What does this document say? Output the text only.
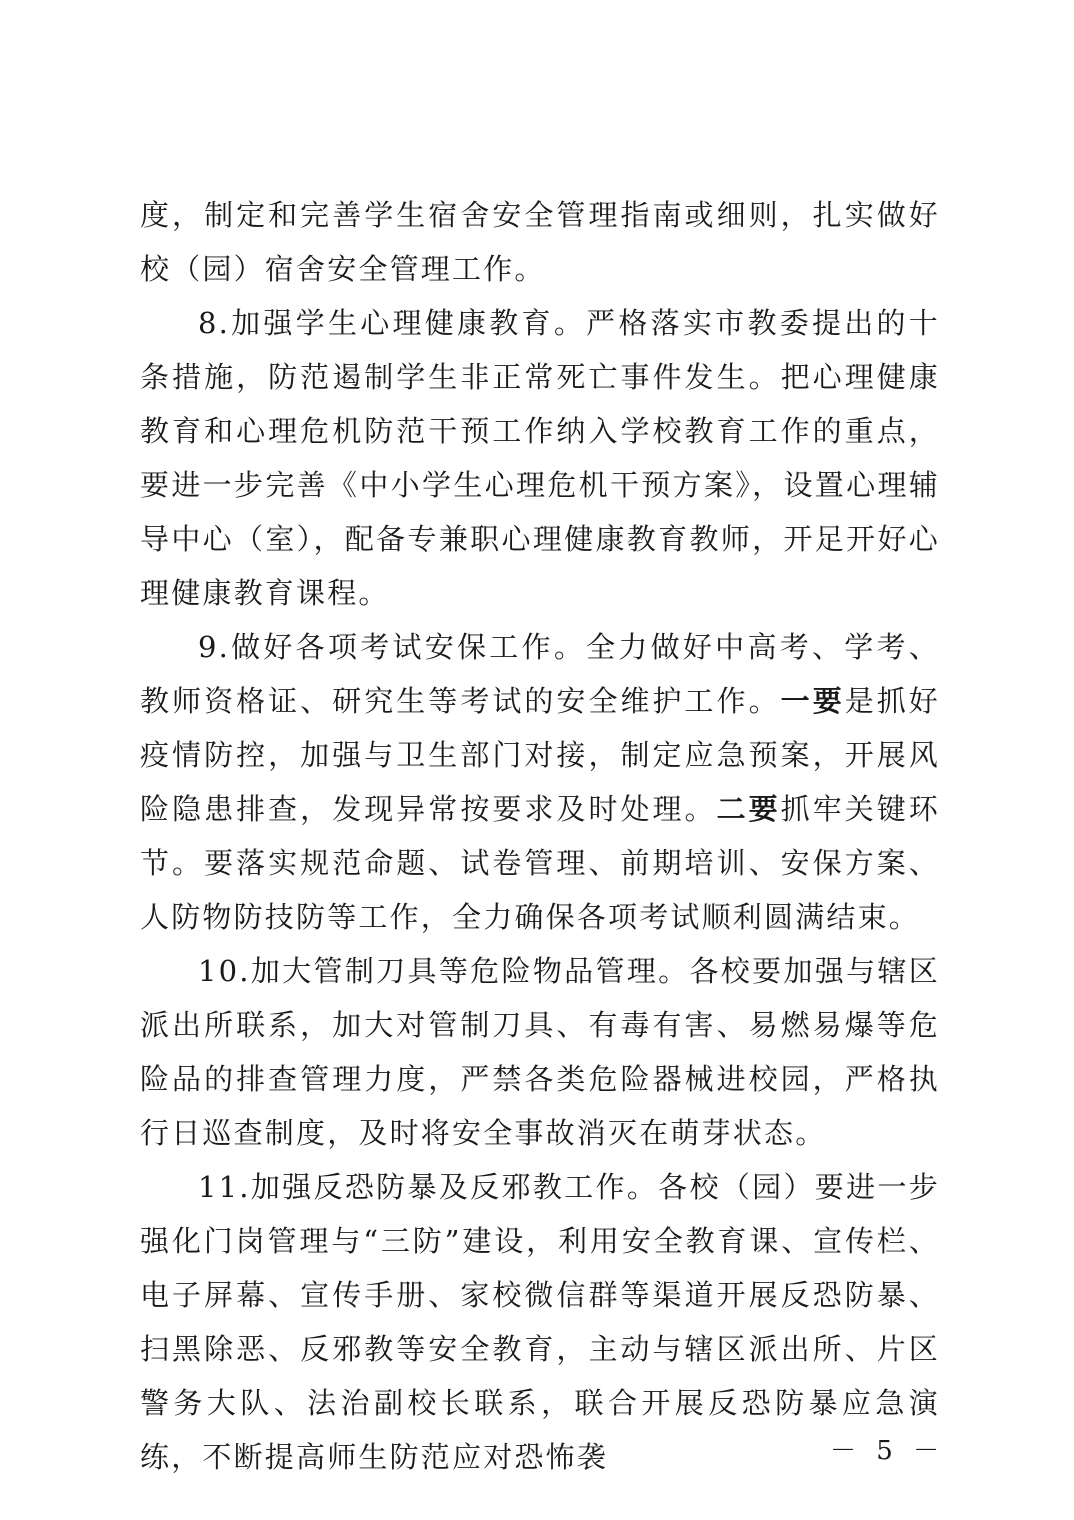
度，制定和完善学生宿舍安全管理指南或细则，扎实做好校（园）宿舍安全管理工作。

8.加强学生心理健康教育。严格落实市教委提出的十条措施，防范遏制学生非正常死亡事件发生。把心理健康教育和心理危机防范干预工作纳入学校教育工作的重点，要进一步完善《中小学生心理危机干预方案》，设置心理辅导中心（室），配备专兼职心理健康教育教师，开足开好心理健康教育课程。

9.做好各项考试安保工作。全力做好中高考、学考、教师资格证、研究生等考试的安全维护工作。一要是抓好疫情防控，加强与卫生部门对接，制定应急预案，开展风险隐患排查，发现异常按要求及时处理。二要抓牢关键环节。要落实规范命题、试卷管理、前期培训、安保方案、人防物防技防等工作，全力确保各项考试顺利圆满结束。

10.加大管制刀具等危险物品管理。各校要加强与辖区派出所联系，加大对管制刀具、有毒有害、易燃易爆等危险品的排查管理力度，严禁各类危险器械进校园，严格执行日巡查制度，及时将安全事故消灭在萌芽状态。

11.加强反恐防暴及反邪教工作。各校（园）要进一步强化门岗管理与“三防”建设，利用安全教育课、宣传栏、电子屏幕、宣传手册、家校微信群等渠道开展反恐防暴、扫黑除恶、反邪教等安全教育，主动与辖区派出所、片区警务大队、法治副校长联系，联合开展反恐防暴应急演练，不断提高师生防范应对恐怖袭	－ 5 －
